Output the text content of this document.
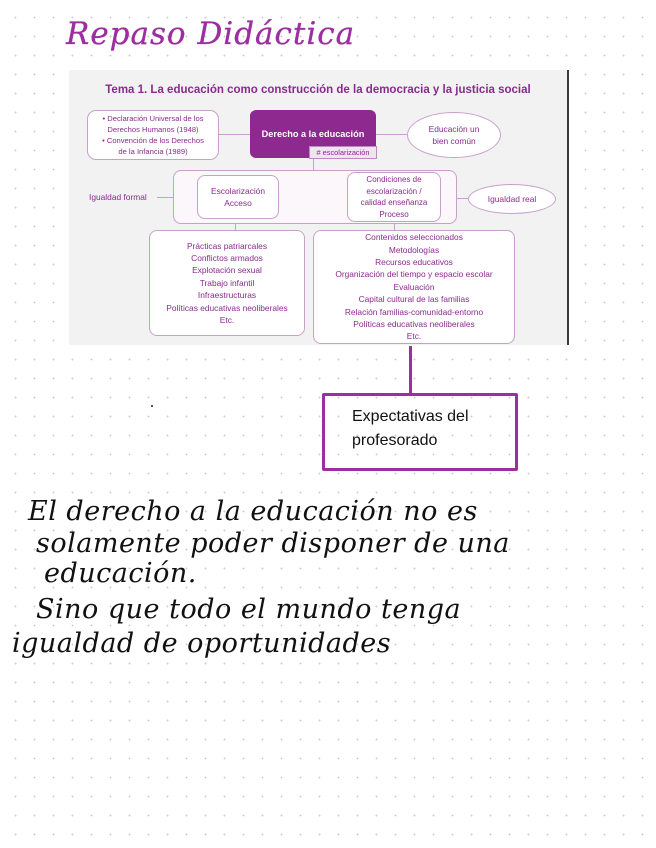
Repaso Didáctica
Tema 1. La educación como construcción de la democracia y la justicia social
• Declaración Universal de los
Derechos Humanos (1948)
• Convención de los Derechos
de la Infancia (1989)
Derecho a la educación
# escolarización
Educación un
bien común
Igualdad formal
Escolarización
Acceso
Condiciones de
escolarización /
calidad enseñanza
Proceso
Igualdad real
Prácticas patriarcales
Conflictos armados
Explotación sexual
Trabajo infantil
Infraestructuras
Políticas educativas neoliberales
Etc.
Contenidos seleccionados
Metodologías
Recursos educativos
Organización del tiempo y espacio escolar
Evaluación
Capital cultural de las familias
Relación familias-comunidad-entorno
Políticas educativas neoliberales
Etc.
Expectativas del
profesorado
El derecho a la educación no es
solamente poder disponer de una
educación.
Sino que todo el mundo tenga
igualdad de oportunidades
